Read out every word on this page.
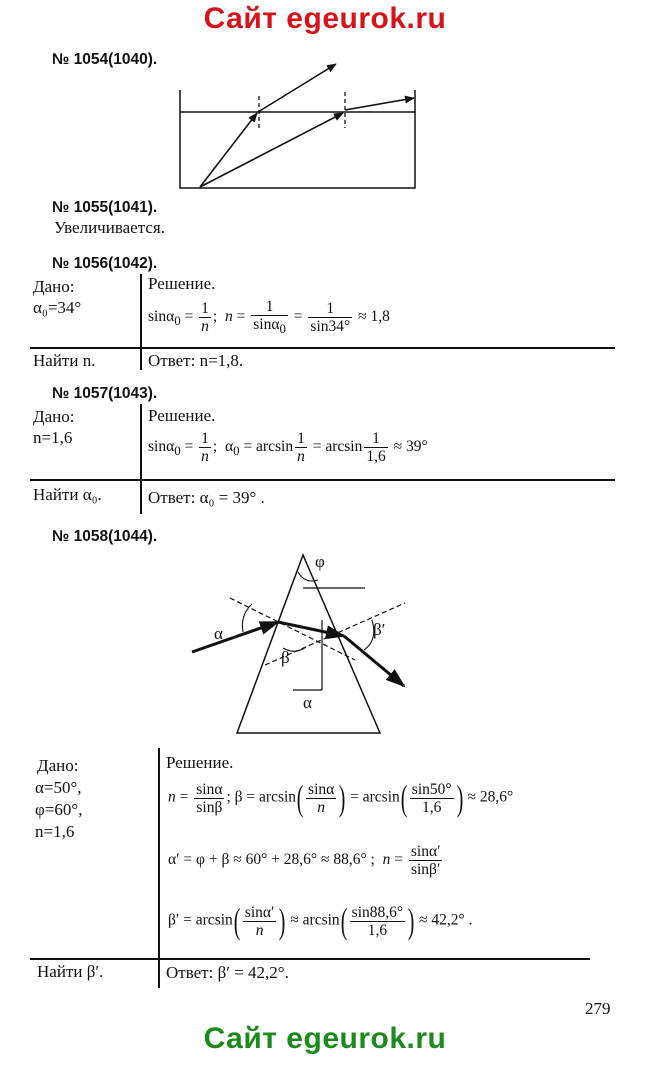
Сайт egeurok.ru
№ 1054(1040).
№ 1055(1041).
Увеличивается.
№ 1056(1042).
Дано:
α₀=34°
Решение.
$\sin\alpha_0 = \frac{1}{n}$ ;  $n = \frac{1}{\sin\alpha_0} = \frac{1}{\sin 34^\circ} \approx 1,8$
Найти n.	Ответ: n=1,8.
№ 1057(1043).
Дано:
n=1,6
Решение.
$\sin\alpha_0 = \frac{1}{n}$ ;  $\alpha_0 = \arcsin \frac{1}{n} = \arcsin \frac{1}{1,6} \approx 39^\circ$
Найти α₀.	Ответ: α₀ = 39° .
№ 1058(1044).
φ
α
β
β′
α
Дано:
α=50°,
φ=60°,
n=1,6
Решение.
$n = \frac{\sin\alpha}{\sin\beta}$ ; $\beta = \arcsin( \frac{\sin\alpha}{n}$ ) = $\arcsin( \frac{\sin 50^\circ}{1,6}$ ) ≈ 28,6°
α′ = φ + β ≈ 60° + 28,6° ≈ 88,6° ;  $n = \frac{\sin\alpha'}{\sin\beta'}$
$\beta' = \arcsin( \frac{\sin\alpha'}{n}$ ) ≈ $\arcsin( \frac{\sin 88,6^\circ}{1,6}$ ) ≈ 42,2° .
Найти β′.	Ответ: β′ = 42,2°.
279
Сайт egeurok.ru
